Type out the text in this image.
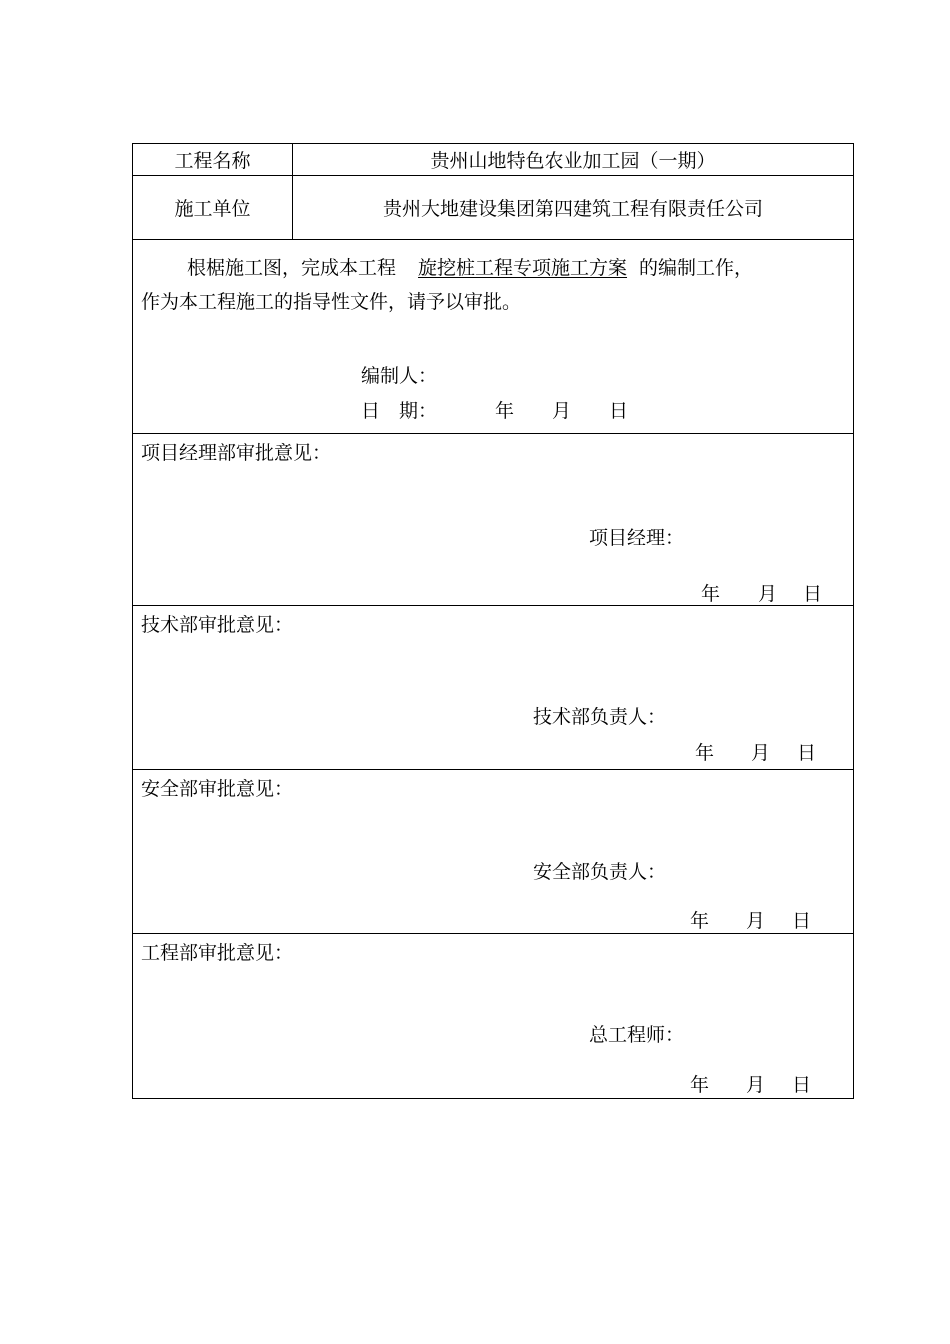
工程名称	贵州山地特色农业加工园（一期）
施工单位	贵州大地建设集团第四建筑工程有限责任公司
根椐施工图，完成本工程 旋挖桩工程专项施工方案 的编制工作，
作为本工程施工的指导性文件，请予以审批。
编制人：
日　期：	年 月 日
项目经理部审批意见：
项目经理：
年 月 日
技术部审批意见：
技术部负责人：
年 月 日
安全部审批意见：
安全部负责人：
年 月 日
工程部审批意见：
总工程师：
年 月 日
